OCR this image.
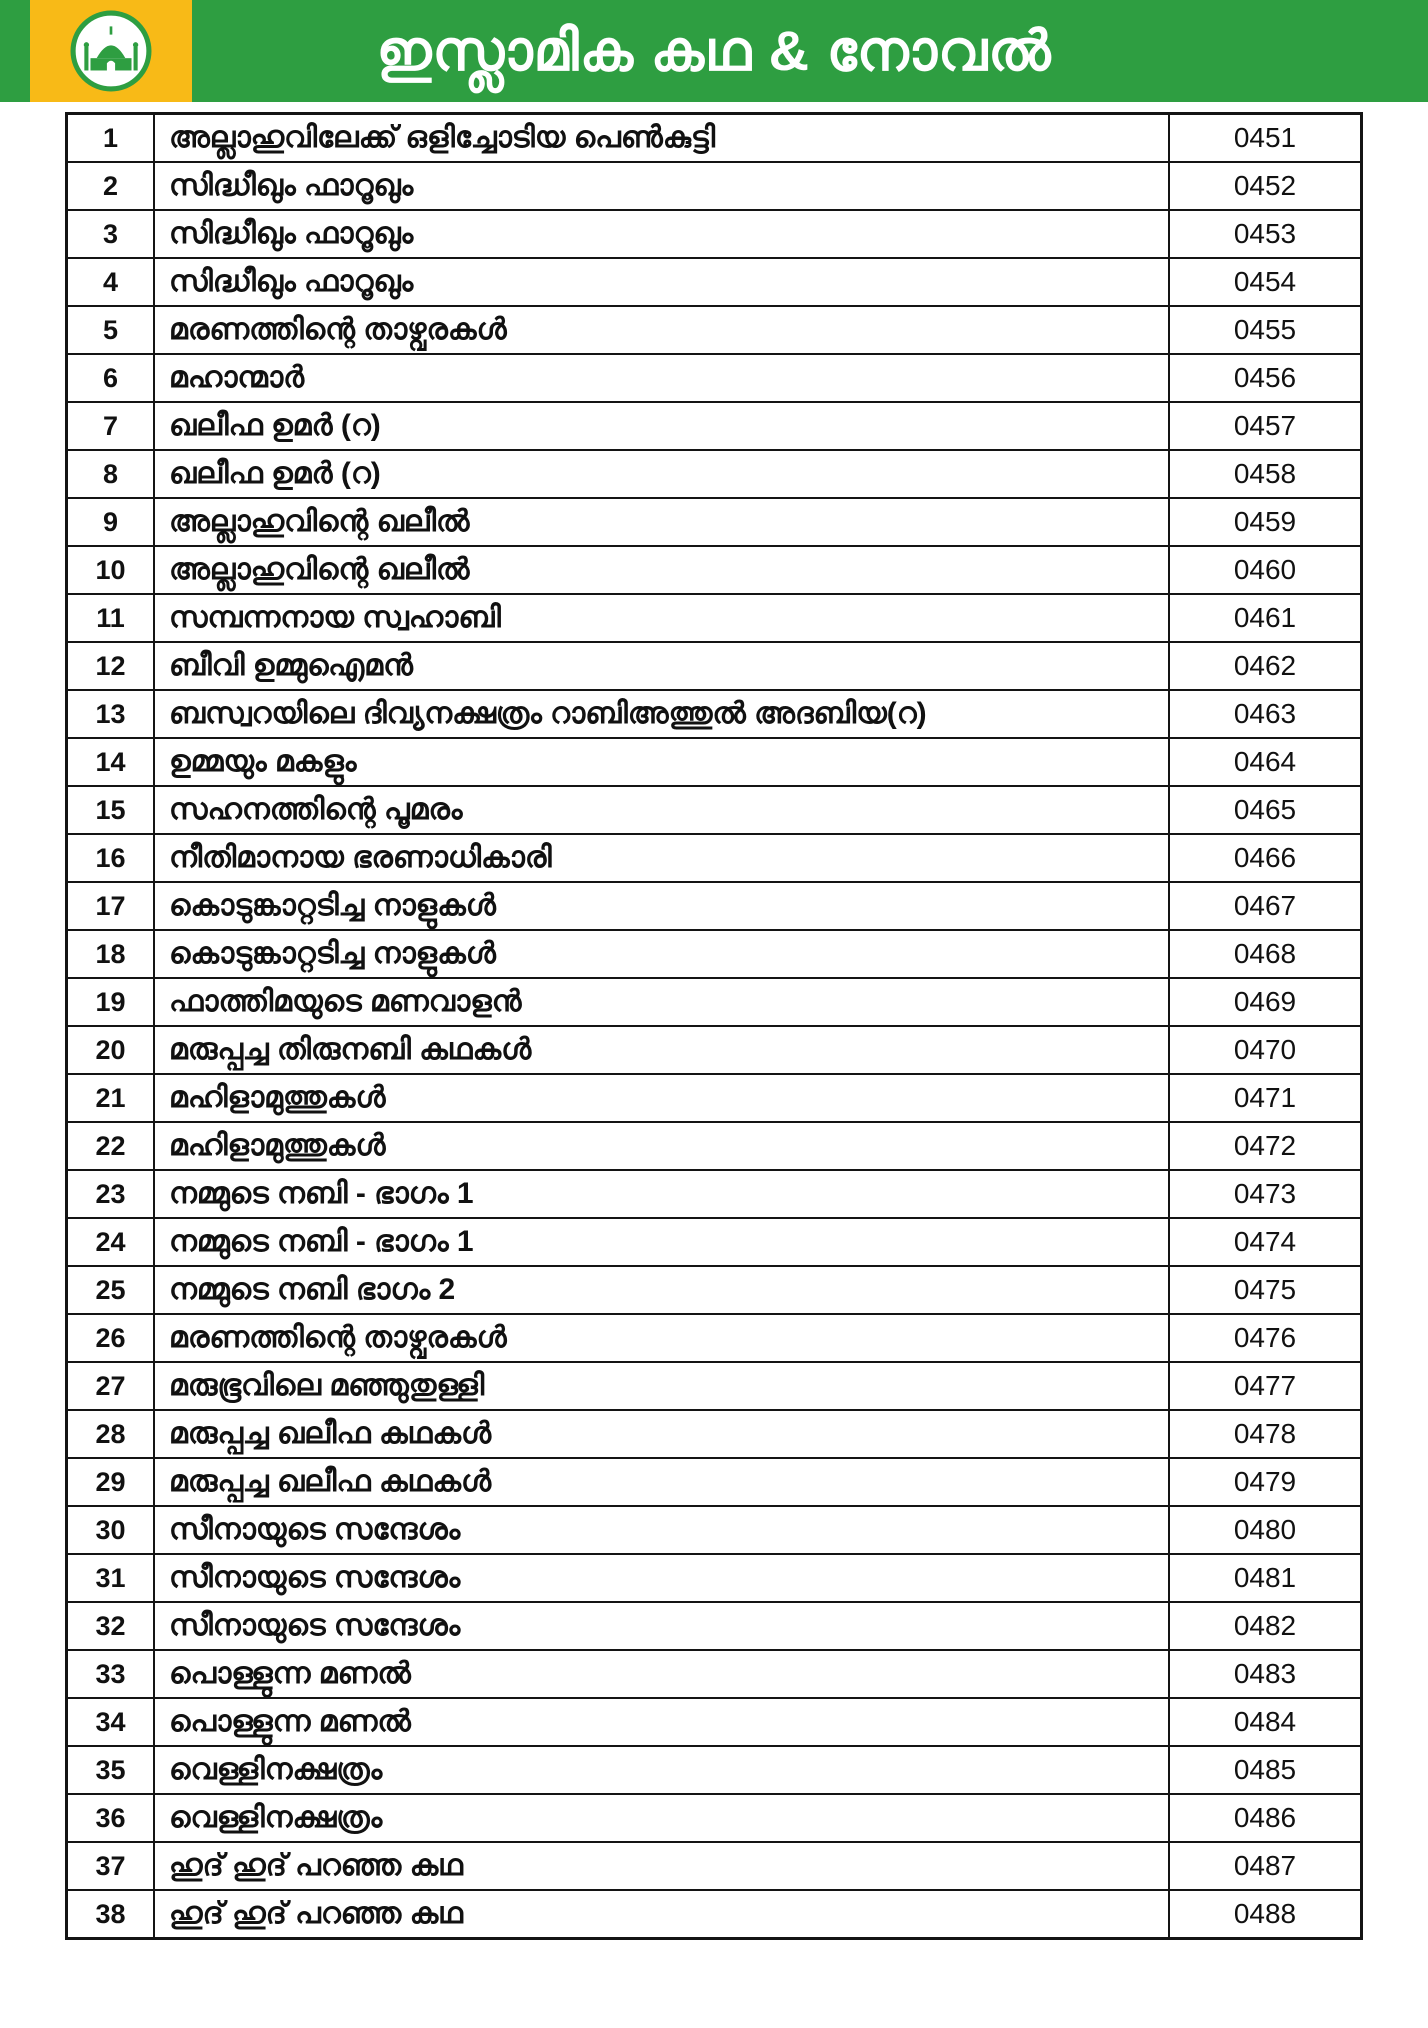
ഇസ്ലാമിക കഥ & നോവൽ
1	അല്ലാഹുവിലേക്ക് ഒളിച്ചോടിയ പെൺകുട്ടി	0451
2	സിദ്ധീഖും ഫാറൂഖും	0452
3	സിദ്ധീഖും ഫാറൂഖും	0453
4	സിദ്ധീഖും ഫാറൂഖും	0454
5	മരണത്തിന്റെ താഴ്വരകൾ	0455
6	മഹാന്മാർ	0456
7	ഖലീഫ ഉമർ (റ)	0457
8	ഖലീഫ ഉമർ (റ)	0458
9	അല്ലാഹുവിന്റെ ഖലീൽ	0459
10	അല്ലാഹുവിന്റെ ഖലീൽ	0460
11	സമ്പന്നനായ സ്വഹാബി	0461
12	ബീവി ഉമ്മുഐമൻ	0462
13	ബസ്വറയിലെ ദിവ്യനക്ഷത്രം റാബിഅത്തുൽ അദബിയ(റ)	0463
14	ഉമ്മയും മകളും	0464
15	സഹനത്തിന്റെ പൂമരം	0465
16	നീതിമാനായ ഭരണാധികാരി	0466
17	കൊടുങ്കാറ്റടിച്ച നാളുകൾ	0467
18	കൊടുങ്കാറ്റടിച്ച നാളുകൾ	0468
19	ഫാത്തിമയുടെ മണവാളൻ	0469
20	മരുപ്പച്ച തിരുനബി കഥകൾ	0470
21	മഹിളാമുത്തുകൾ	0471
22	മഹിളാമുത്തുകൾ	0472
23	നമ്മുടെ നബി - ഭാഗം 1	0473
24	നമ്മുടെ നബി - ഭാഗം 1	0474
25	നമ്മുടെ നബി ഭാഗം 2	0475
26	മരണത്തിന്റെ താഴ്വരകൾ	0476
27	മരുഭൂവിലെ മഞ്ഞുതുള്ളി	0477
28	മരുപ്പച്ച ഖലീഫ കഥകൾ	0478
29	മരുപ്പച്ച ഖലീഫ കഥകൾ	0479
30	സീനായുടെ സന്ദേശം	0480
31	സീനായുടെ സന്ദേശം	0481
32	സീനായുടെ സന്ദേശം	0482
33	പൊള്ളുന്ന മണൽ	0483
34	പൊള്ളുന്ന മണൽ	0484
35	വെള്ളിനക്ഷത്രം	0485
36	വെള്ളിനക്ഷത്രം	0486
37	ഹുദ് ഹുദ് പറഞ്ഞ കഥ	0487
38	ഹുദ് ഹുദ് പറഞ്ഞ കഥ	0488
